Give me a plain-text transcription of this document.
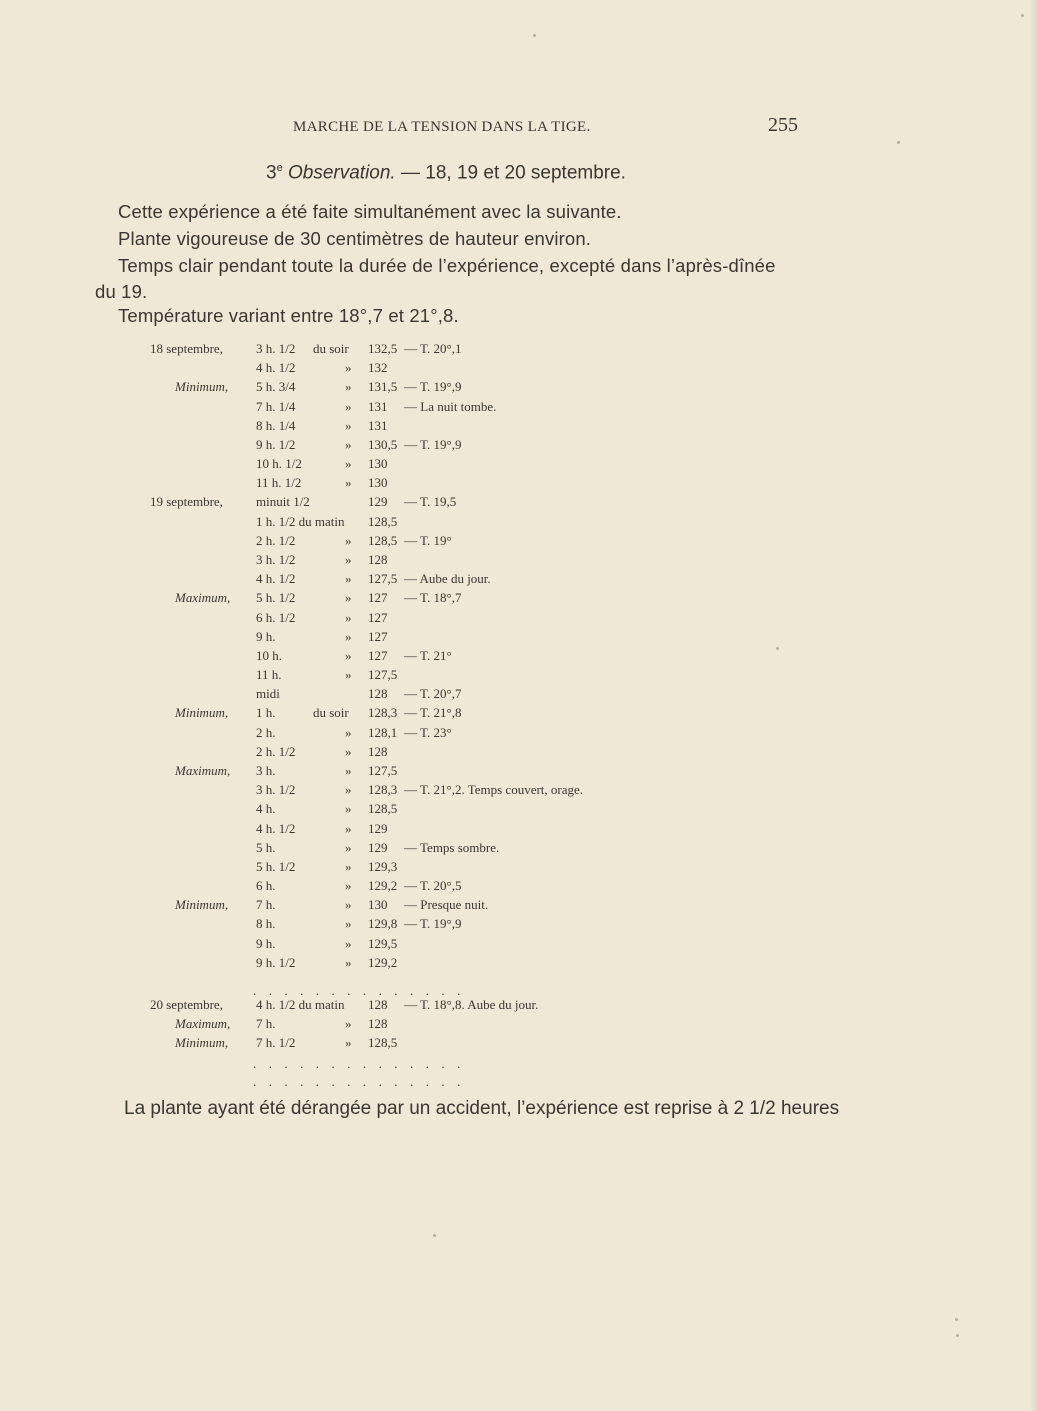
MARCHE DE LA TENSION DANS LA TIGE.	255
3e Observation. — 18, 19 et 20 septembre.
Cette expérience a été faite simultanément avec la suivante.
Plante vigoureuse de 30 centimètres de hauteur environ.
Temps clair pendant toute la durée de l’expérience, excepté dans l’après-dînée
du 19.
Température variant entre 18°,7 et 21°,8.
18 septembre,	3 h. 1/2 du soir 132,5 — T. 20°,1
4 h. 1/2	» 132
Minimum, 5 h. 3/4	» 131,5 — T. 19°,9
7 h. 1/4	» 131 — La nuit tombe.
8 h. 1/4	» 131
9 h. 1/2	» 130,5 — T. 19°,9
10 h. 1/2	» 130
11 h. 1/2	» 130
19 septembre,	minuit 1/2	129 — T. 19,5
1 h. 1/2 du matin 128,5
2 h. 1/2	» 128,5 — T. 19°
3 h. 1/2	» 128
4 h. 1/2	» 127,5 — Aube du jour.
Maximum, 5 h. 1/2	» 127 — T. 18°,7
6 h. 1/2	» 127
9 h.	» 127
10 h.	» 127 — T. 21°
11 h.	» 127,5
midi	128 — T. 20°,7
Minimum, 1 h.	du soir 128,3 — T. 21°,8
2 h.	» 128,1 — T. 23°
2 h. 1/2	» 128
Maximum, 3 h.	» 127,5
3 h. 1/2	» 128,3 — T. 21°,2. Temps couvert, orage.
4 h.	» 128,5
4 h. 1/2	» 129
5 h.	» 129 — Temps sombre.
5 h. 1/2	» 129,3
6 h.	» 129,2 — T. 20°,5
Minimum, 7 h.	» 130 — Presque nuit.
8 h.	» 129,8 — T. 19°,9
9 h.	» 129,5
9 h. 1/2	» 129,2
. . . . . . . . . . . . . .
20 septembre,	4 h. 1/2 du matin 128 — T. 18°,8. Aube du jour.
Maximum, 7 h.	» 128
Minimum, 7 h. 1/2	» 128,5
. . . . . . . . . . . . . .
. . . . . . . . . . . . . .
La plante ayant été dérangée par un accident, l’expérience est reprise à 2 1/2 heures
